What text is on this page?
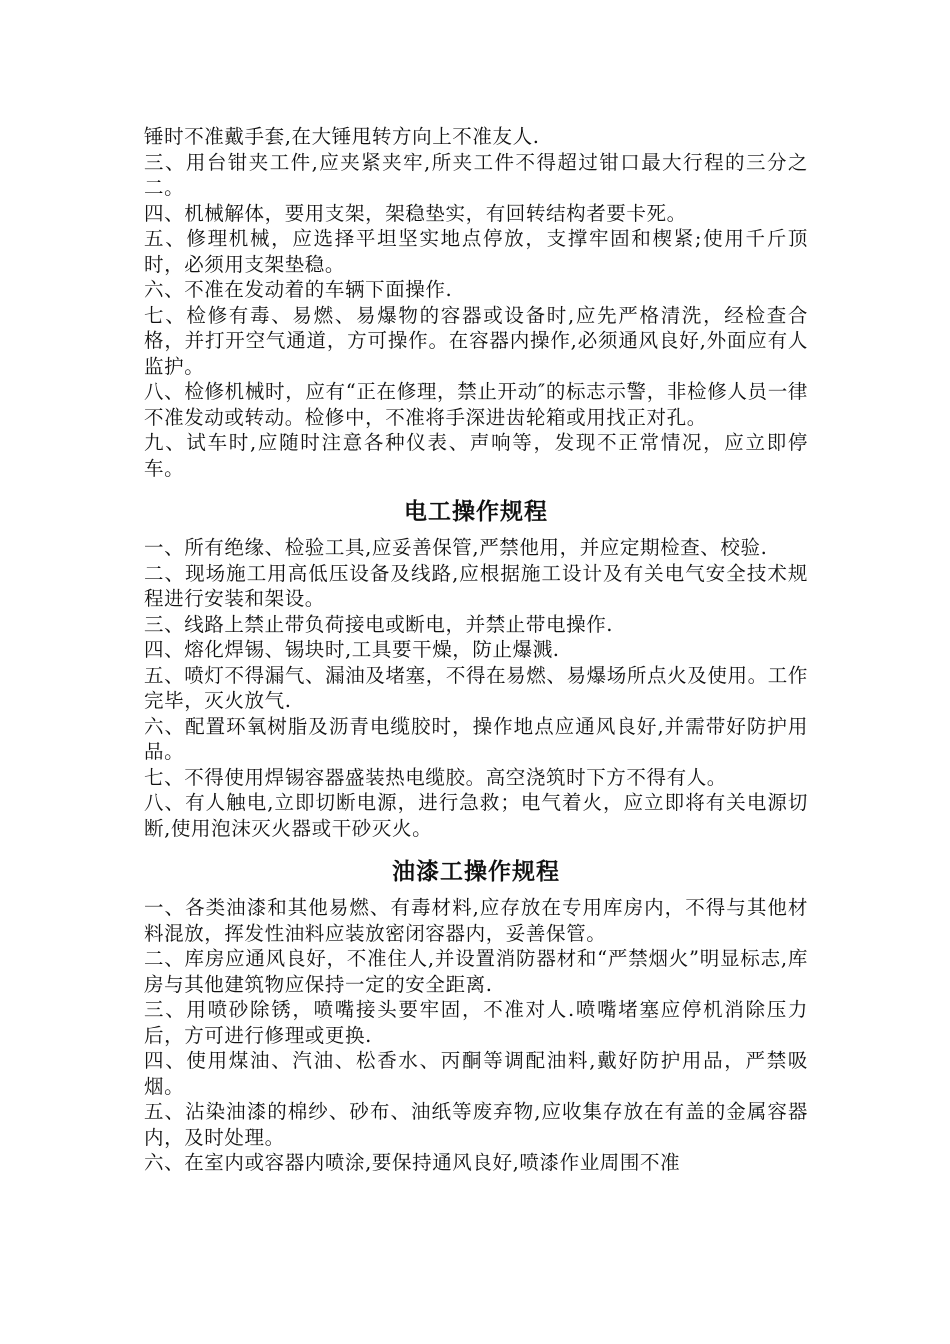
锤时不准戴手套,在大锤甩转方向上不准友人.

三、用台钳夹工件,应夹紧夹牢,所夹工件不得超过钳口最大行程的三分之二。

四、机械解体，要用支架，架稳垫实，有回转结构者要卡死。

五、修理机械，应选择平坦坚实地点停放，支撑牢固和楔紧;使用千斤顶时，必须用支架垫稳。

六、不准在发动着的车辆下面操作.

七、检修有毒、易燃、易爆物的容器或设备时,应先严格清洗，经检查合格，并打开空气通道，方可操作。在容器内操作,必须通风良好,外面应有人监护。

八、检修机械时，应有“正在修理，禁止开动″的标志示警，非检修人员一律不准发动或转动。检修中，不准将手深进齿轮箱或用找正对孔。

九、试车时,应随时注意各种仪表、声响等，发现不正常情况，应立即停车。

电工操作规程

一、所有绝缘、检验工具,应妥善保管,严禁他用，并应定期检查、校验.

二、现场施工用高低压设备及线路,应根据施工设计及有关电气安全技术规程进行安装和架设。

三、线路上禁止带负荷接电或断电，并禁止带电操作.

四、熔化焊锡、锡块时,工具要干燥，防止爆溅.

五、喷灯不得漏气、漏油及堵塞，不得在易燃、易爆场所点火及使用。工作完毕，灭火放气.

六、配置环氧树脂及沥青电缆胶时，操作地点应通风良好,并需带好防护用品。

七、不得使用焊锡容器盛装热电缆胶。高空浇筑时下方不得有人。

八、有人触电,立即切断电源，进行急救；电气着火，应立即将有关电源切断,使用泡沫灭火器或干砂灭火。

油漆工操作规程

一、各类油漆和其他易燃、有毒材料,应存放在专用库房内，不得与其他材料混放，挥发性油料应装放密闭容器内，妥善保管。

二、库房应通风良好，不准住人,并设置消防器材和“严禁烟火”明显标志,库房与其他建筑物应保持一定的安全距离.

三、用喷砂除锈，喷嘴接头要牢固，不准对人.喷嘴堵塞应停机消除压力后，方可进行修理或更换.

四、使用煤油、汽油、松香水、丙酮等调配油料,戴好防护用品，严禁吸烟。

五、沾染油漆的棉纱、砂布、油纸等废弃物,应收集存放在有盖的金属容器内，及时处理。

六、在室内或容器内喷涂,要保持通风良好,喷漆作业周围不准
